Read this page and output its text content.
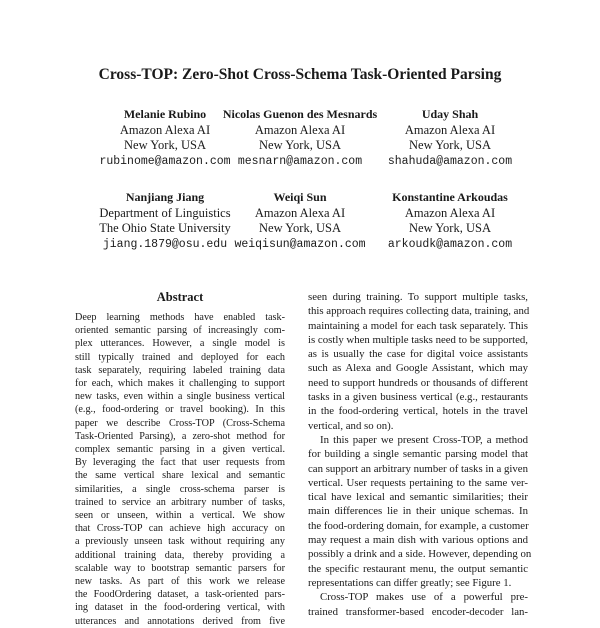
Cross-TOP: Zero-Shot Cross-Schema Task-Oriented Parsing
Melanie Rubino
Amazon Alexa AI
New York, USA
rubinome@amazon.com
Nicolas Guenon des Mesnards
Amazon Alexa AI
New York, USA
mesnarn@amazon.com
Uday Shah
Amazon Alexa AI
New York, USA
shahuda@amazon.com
Nanjiang Jiang
Department of Linguistics
The Ohio State University
jiang.1879@osu.edu
Weiqi Sun
Amazon Alexa AI
New York, USA
weiqisun@amazon.com
Konstantine Arkoudas
Amazon Alexa AI
New York, USA
arkoudk@amazon.com
Abstract
Deep learning methods have enabled task-
oriented semantic parsing of increasingly com-
plex utterances. However, a single model is
still typically trained and deployed for each
task separately, requiring labeled training data
for each, which makes it challenging to support
new tasks, even within a single business vertical
(e.g., food-ordering or travel booking). In this
paper we describe Cross-TOP (Cross-Schema
Task-Oriented Parsing), a zero-shot method for
complex semantic parsing in a given vertical.
By leveraging the fact that user requests from
the same vertical share lexical and semantic
similarities, a single cross-schema parser is
trained to service an arbitrary number of tasks,
seen or unseen, within a vertical. We show
that Cross-TOP can achieve high accuracy on
a previously unseen task without requiring any
additional training data, thereby providing a
scalable way to bootstrap semantic parsers for
new tasks. As part of this work we release
the FoodOrdering dataset, a task-oriented pars-
ing dataset in the food-ordering vertical, with
utterances and annotations derived from five
seen during training. To support multiple tasks,
this approach requires collecting data, training, and
maintaining a model for each task separately. This
is costly when multiple tasks need to be supported,
as is usually the case for digital voice assistants
such as Alexa and Google Assistant, which may
need to support hundreds or thousands of different
tasks in a given business vertical (e.g., restaurants
in the food-ordering vertical, hotels in the travel
vertical, and so on).
In this paper we present Cross-TOP, a method
for building a single semantic parsing model that
can support an arbitrary number of tasks in a given
vertical. User requests pertaining to the same ver-
tical have lexical and semantic similarities; their
main differences lie in their unique schemas. In
the food-ordering domain, for example, a customer
may request a main dish with various options and
possibly a drink and a side. However, depending on
the specific restaurant menu, the output semantic
representations can differ greatly; see Figure 1.
Cross-TOP makes use of a powerful pre-
trained transformer-based encoder-decoder lan-
